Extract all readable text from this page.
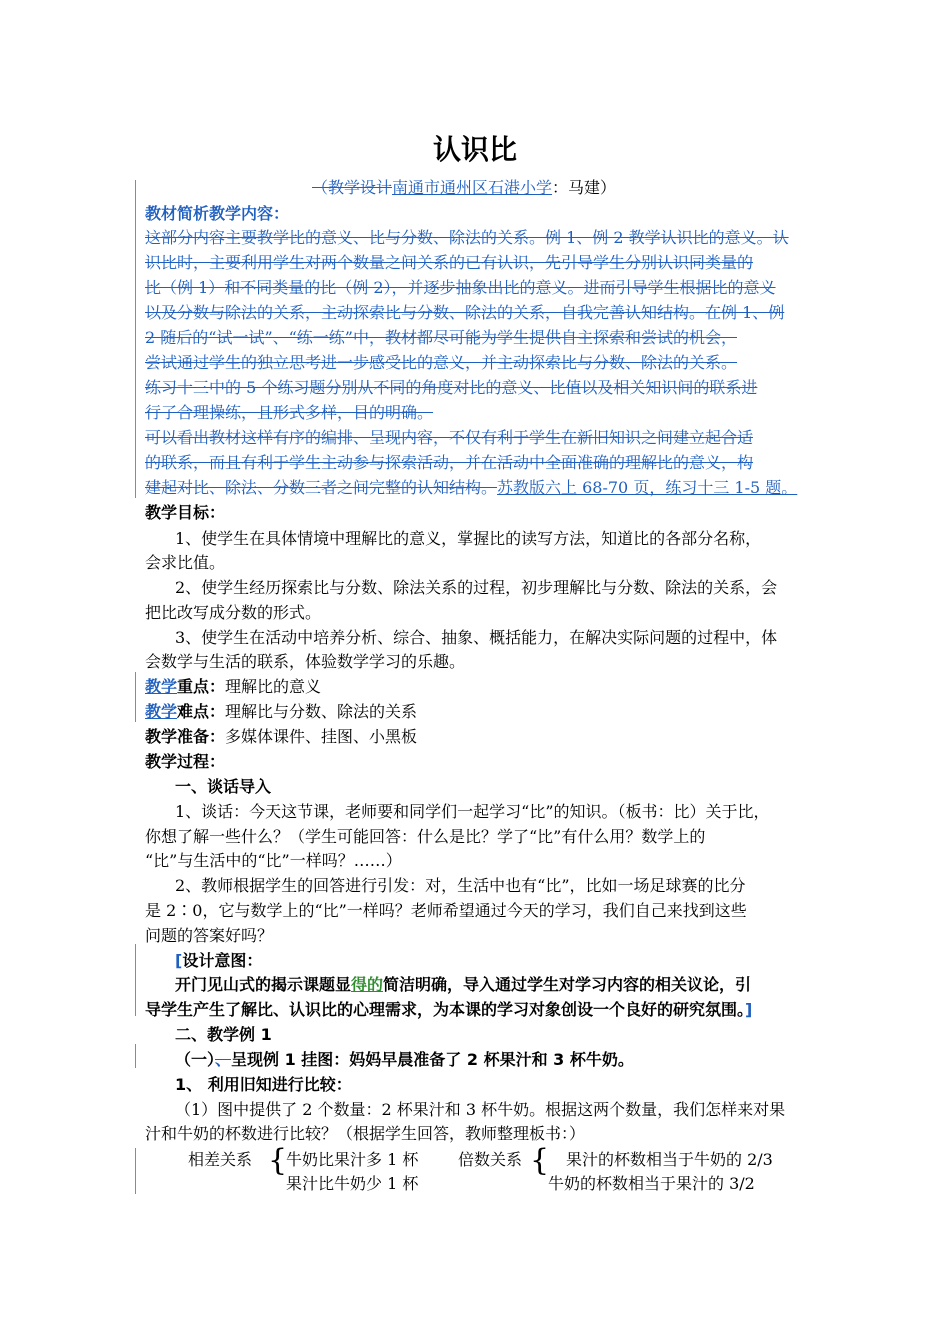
认识比
（教学设计南通市通州区石港小学：马建）
教材简析教学内容：
这部分内容主要教学比的意义、比与分数、除法的关系。例 1、例 2 教学认识比的意义。认
识比时，主要利用学生对两个数量之间关系的已有认识，先引导学生分别认识同类量的
比（例 1）和不同类量的比（例 2），并逐步抽象出比的意义。进而引导学生根据比的意义
以及分数与除法的关系，主动探索比与分数、除法的关系，自我完善认知结构。在例 1、例
2 随后的“试一试”、“练一练”中，教材都尽可能为学生提供自主探索和尝试的机会，
尝试通过学生的独立思考进一步感受比的意义，并主动探索比与分数、除法的关系。
练习十三中的 5 个练习题分别从不同的角度对比的意义、比值以及相关知识间的联系进
行了合理操练，且形式多样，目的明确。
可以看出教材这样有序的编排、呈现内容，不仅有利于学生在新旧知识之间建立起合适
的联系，而且有利于学生主动参与探索活动，并在活动中全面准确的理解比的意义，构
建起对比、除法、分数三者之间完整的认知结构。苏教版六上 68-70 页，练习十三 1-5 题。
教学目标：
1、使学生在具体情境中理解比的意义，掌握比的读写方法，知道比的各部分名称，
会求比值。
2、使学生经历探索比与分数、除法关系的过程，初步理解比与分数、除法的关系，会
把比改写成分数的形式。
3、使学生在活动中培养分析、综合、抽象、概括能力，在解决实际问题的过程中，体
会数学与生活的联系，体验数学学习的乐趣。
教学重点：理解比的意义
教学难点：理解比与分数、除法的关系
教学准备：多媒体课件、挂图、小黑板
教学过程：
一、谈话导入
1、谈话：今天这节课，老师要和同学们一起学习“比”的知识。（板书：比）关于比，
你想了解一些什么？（学生可能回答：什么是比？学了“比”有什么用？数学上的
“比”与生活中的“比”一样吗？……）
2、教师根据学生的回答进行引发：对，生活中也有“比”，比如一场足球赛的比分
是 2∶0，它与数学上的“比”一样吗？老师希望通过今天的学习，我们自己来找到这些
问题的答案好吗？
[设计意图：
开门见山式的揭示课题显得的简洁明确，导入通过学生对学习内容的相关议论，引
导学生产生了解比、认识比的心理需求，为本课的学习对象创设一个良好的研究氛围。]
二、教学例 1
（一）、呈现例 1 挂图：妈妈早晨准备了 2 杯果汁和 3 杯牛奶。
1、 利用旧知进行比较：
（1）图中提供了 2 个数量：2 杯果汁和 3 杯牛奶。根据这两个数量，我们怎样来对果
汁和牛奶的杯数进行比较？（根据学生回答，教师整理板书：）
相差关系 {
牛奶比果汁多 1 杯
果汁比牛奶少 1 杯
倍数关系 { 果汁的杯数相当于牛奶的 2/3
牛奶的杯数相当于果汁的 3/2
